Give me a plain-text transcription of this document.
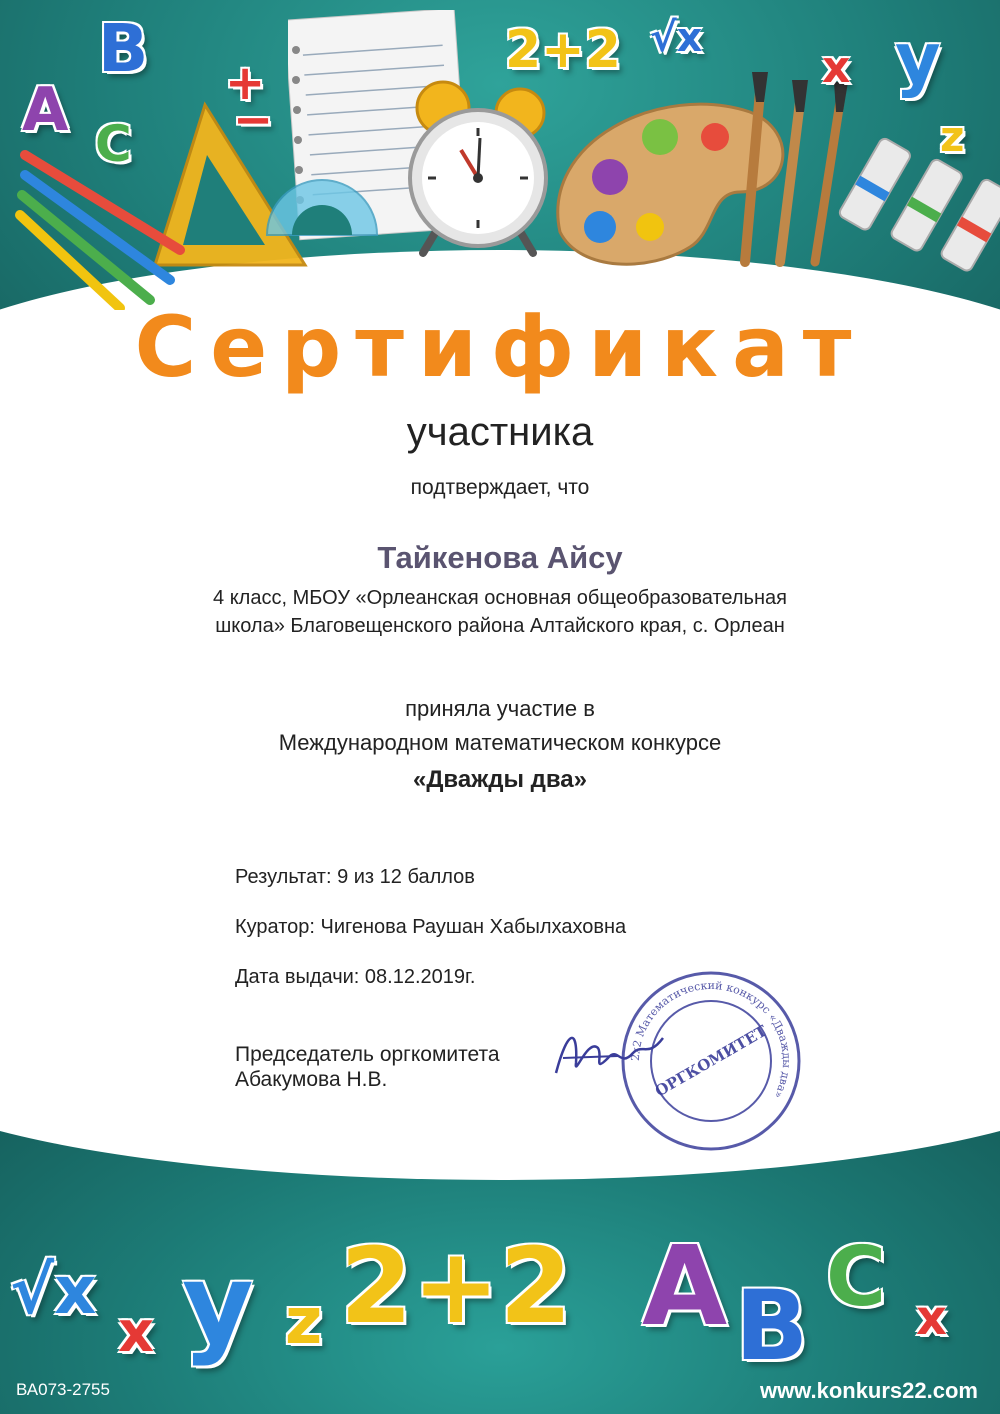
A
B
C
+
−
2+2 √x
x y
z
Сертификат
участника
подтверждает, что
Тайкенова Айсу
4 класс, МБОУ «Орлеанская основная общеобразовательная
школа» Благовещенского района Алтайского края, с. Орлеан
приняла участие в
Международном математическом конкурсе
«Дважды два»
Результат: 9 из 12 баллов
Куратор: Чигенова Раушан Хабылхаховна
Дата выдачи: 08.12.2019г.
Председатель оргкомитета
Абакумова Н.В.
2х2 Математический конкурс «Дважды два»
ОРГКОМИТЕТ
√x
x y z 2+2 A B C x
ВА073-2755	www.konkurs22.com
